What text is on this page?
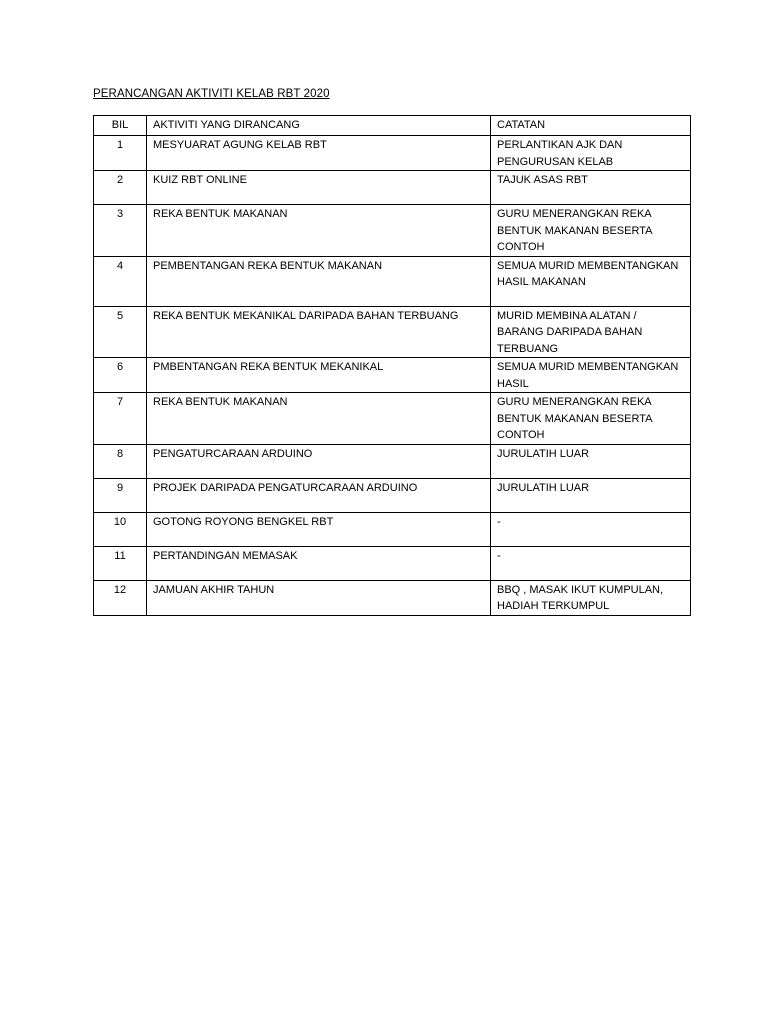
PERANCANGAN AKTIVITI KELAB RBT 2020
BIL	AKTIVITI YANG DIRANCANG	CATATAN
1	MESYUARAT AGUNG KELAB RBT	PERLANTIKAN AJK DAN PENGURUSAN KELAB
2	KUIZ RBT ONLINE	TAJUK ASAS RBT
3	REKA BENTUK MAKANAN	GURU MENERANGKAN REKA BENTUK MAKANAN BESERTA CONTOH
4	PEMBENTANGAN REKA BENTUK MAKANAN	SEMUA MURID MEMBENTANGKAN HASIL MAKANAN
5	REKA BENTUK MEKANIKAL DARIPADA BAHAN TERBUANG	MURID MEMBINA ALATAN / BARANG DARIPADA BAHAN TERBUANG
6	PMBENTANGAN REKA BENTUK MEKANIKAL	SEMUA MURID MEMBENTANGKAN HASIL
7	REKA BENTUK MAKANAN	GURU MENERANGKAN REKA BENTUK MAKANAN BESERTA CONTOH
8	PENGATURCARAAN ARDUINO	JURULATIH LUAR
9	PROJEK DARIPADA PENGATURCARAAN ARDUINO	JURULATIH LUAR
10	GOTONG ROYONG BENGKEL RBT	-
11	PERTANDINGAN MEMASAK	-
12	JAMUAN AKHIR TAHUN	BBQ , MASAK IKUT KUMPULAN, HADIAH TERKUMPUL
